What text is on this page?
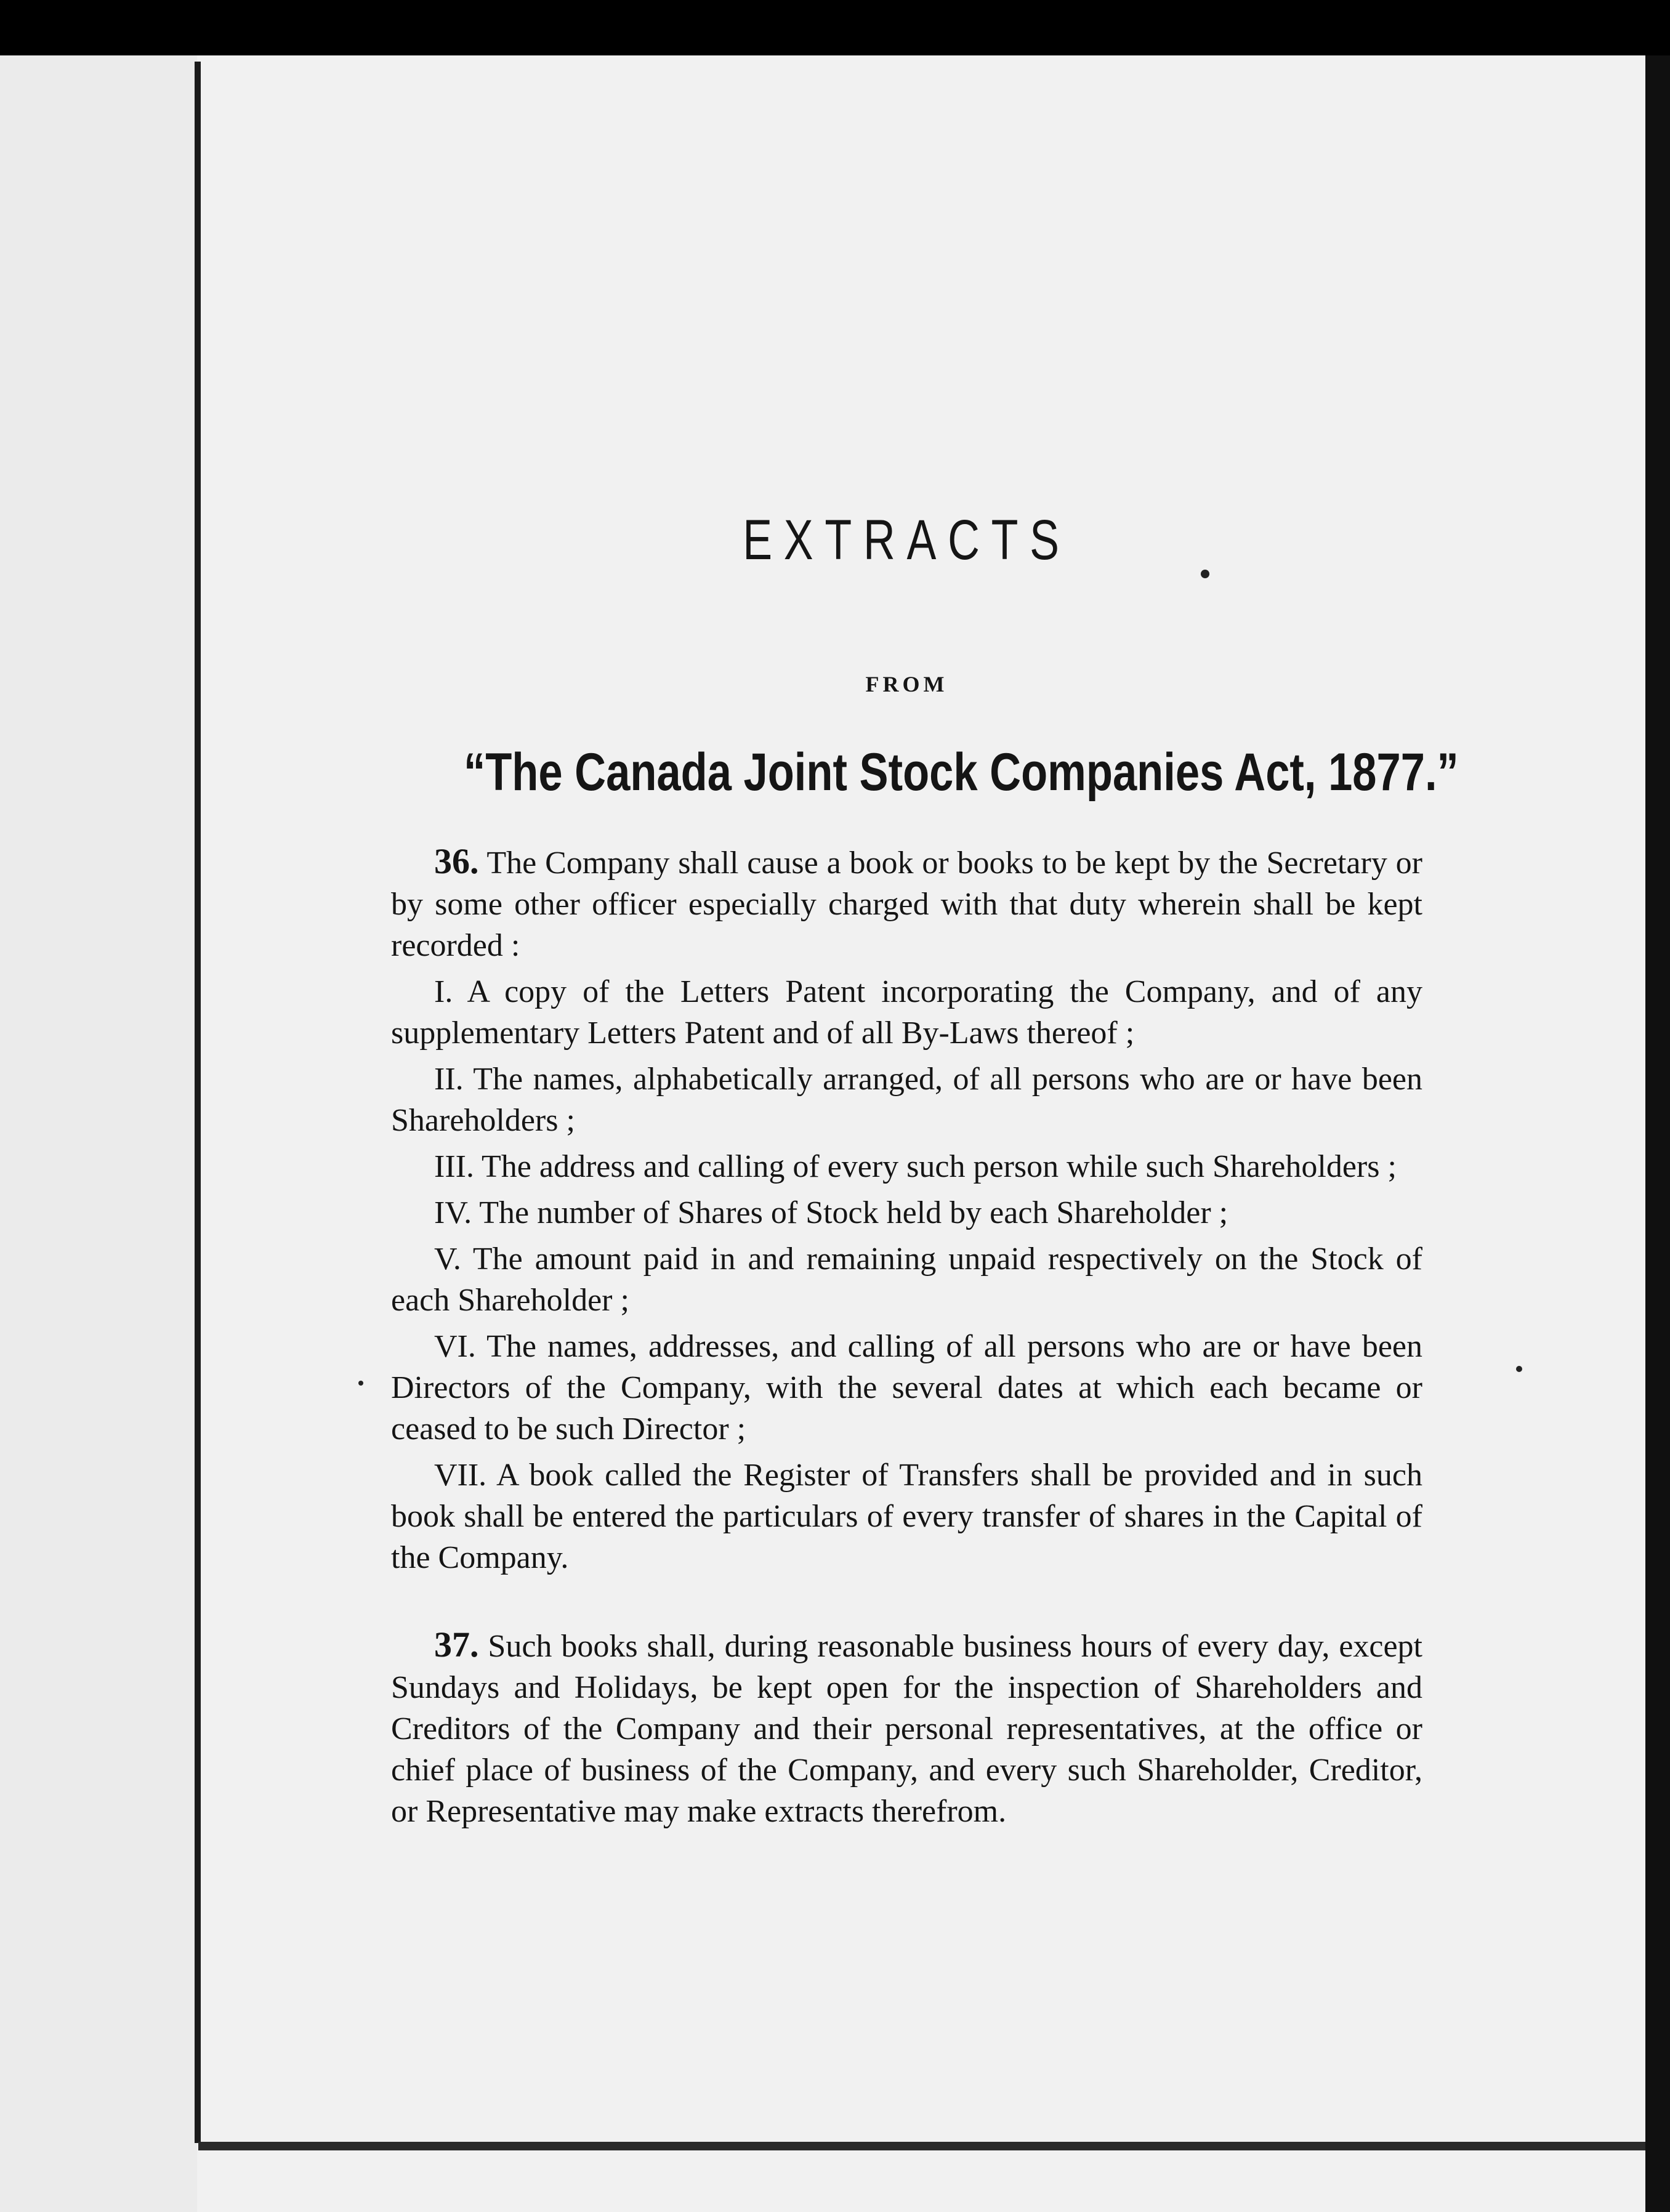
EXTRACTS
FROM
“The Canada Joint Stock Companies Act, 1877.”

36. The Company shall cause a book or books to be kept by the Secretary or by some other officer especially charged with that duty wherein shall be kept recorded :

I. A copy of the Letters Patent incorporating the Company, and of any supplementary Letters Patent and of all By-Laws thereof ;

II. The names, alphabetically arranged, of all persons who are or have been Shareholders ;

III. The address and calling of every such person while such Shareholders ;

IV. The number of Shares of Stock held by each Shareholder ;

V. The amount paid in and remaining unpaid respectively on the Stock of each Shareholder ;

VI. The names, addresses, and calling of all persons who are or have been Directors of the Company, with the several dates at which each became or ceased to be such Director ;

VII. A book called the Register of Transfers shall be provided and in such book shall be entered the particulars of every transfer of shares in the Capital of the Company.

37. Such books shall, during reasonable business hours of every day, except Sundays and Holidays, be kept open for the inspection of Shareholders and Creditors of the Company and their personal representatives, at the office or chief place of business of the Company, and every such Shareholder, Creditor, or Representative may make extracts therefrom.
